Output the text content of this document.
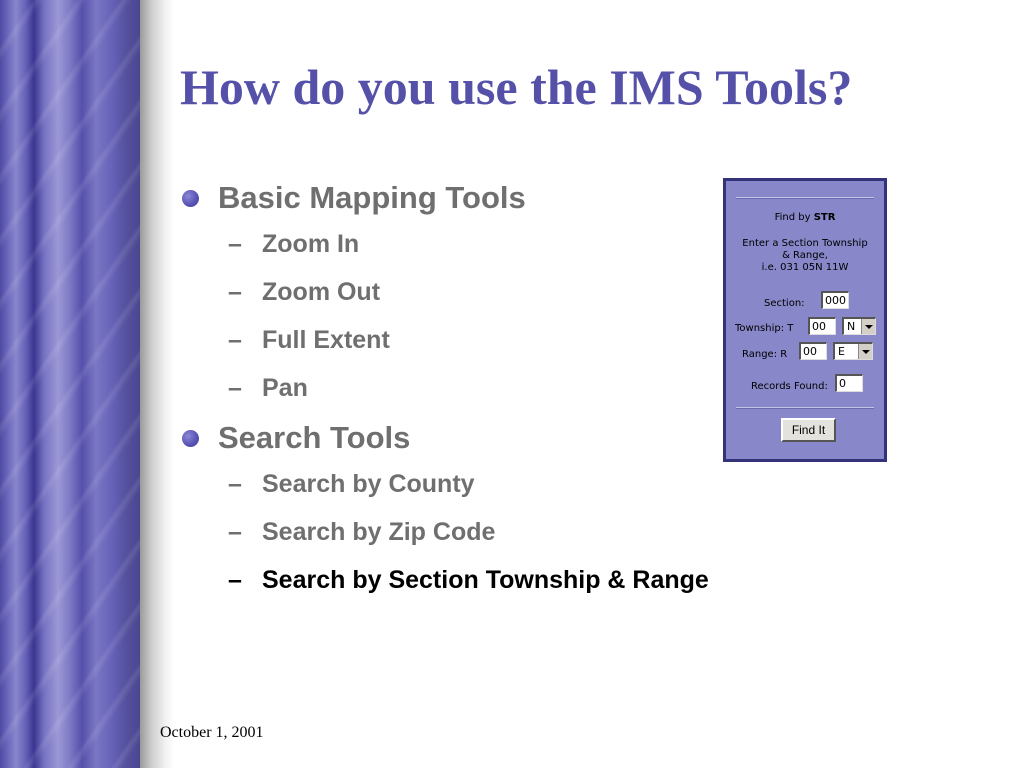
How do you use the IMS Tools?
Basic Mapping Tools
– Zoom In
– Zoom Out
– Full Extent
– Pan
Search Tools
– Search by County
– Search by Zip Code
– Search by Section Township & Range
Find by STR
Enter a Section Township
& Range,
i.e. 031 05N 11W
Section:	000
Township: T	00	N
Range: R	00	E
Records Found:	0
Find It
October 1, 2001
